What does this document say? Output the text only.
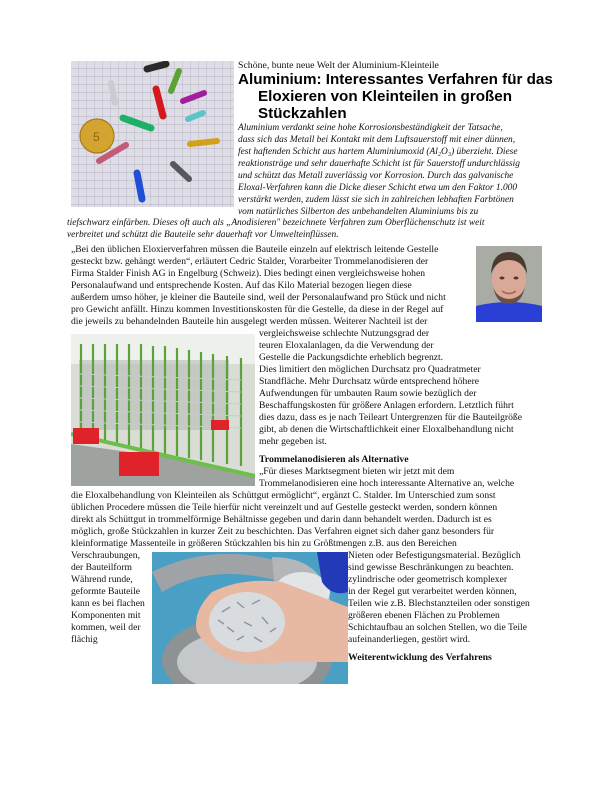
5
Schöne, bunte neue Welt der Aluminium-Kleinteile
Aluminium: Interessantes Verfahren für das
Eloxieren von Kleinteilen in großen
Stückzahlen
Aluminium verdankt seine hohe Korrosionsbeständigkeit der Tatsache,
dass sich das Metall bei Kontakt mit dem Luftsauerstoff mit einer dünnen,
fest haftenden Schicht aus hartem Aluminiumoxid (Al₂O₃) überzieht. Diese
reaktionsträge und sehr dauerhafte Schicht ist für Sauerstoff undurchlässig
und schützt das Metall zuverlässig vor Korrosion. Durch das galvanische
Eloxal-Verfahren kann die Dicke dieser Schicht etwa um den Faktor 1.000
verstärkt werden, zudem lässt sie sich in zahlreichen lebhaften Farbtönen
vom natürliches Silberton des unbehandelten Aluminiums bis zu
tiefschwarz einfärben. Dieses oft auch als „Anodisieren" bezeichnete Verfahren zum Oberflächenschutz ist weit
verbreitet und schützt die Bauteile sehr dauerhaft vor Umwelteinflüssen.
„Bei den üblichen Eloxierverfahren müssen die Bauteile einzeln auf elektrisch leitende Gestelle
gesteckt bzw. gehängt werden“, erläutert Cedric Stalder, Vorarbeiter Trommelanodisieren der
Firma Stalder Finish AG in Engelburg (Schweiz). Dies bedingt einen vergleichsweise hohen
Personalaufwand und entsprechende Kosten. Auf das Kilo Material bezogen liegen diese
außerdem umso höher, je kleiner die Bauteile sind, weil der Personalaufwand pro Stück und nicht
pro Gewicht anfällt. Hinzu kommen Investitionskosten für die Gestelle, da diese in der Regel auf
die jeweils zu behandelnden Bauteile hin ausgelegt werden müssen. Weiterer Nachteil ist der
vergleichsweise schlechte Nutzungsgrad der
teuren Eloxalanlagen, da die Verwendung der
Gestelle die Packungsdichte erheblich begrenzt.
Dies limitiert den möglichen Durchsatz pro Quadratmeter
Standfläche. Mehr Durchsatz würde entsprechend höhere
Aufwendungen für umbauten Raum sowie bezüglich der
Beschaffungskosten für größere Anlagen erfordern. Letztlich führt
dies dazu, dass es je nach Teileart Untergrenzen für die Bauteilgröße
gibt, ab denen die Wirtschaftlichkeit einer Eloxalbehandlung nicht
mehr gegeben ist.
Trommelanodisieren als Alternative
„Für dieses Marktsegment bieten wir jetzt mit dem
Trommelanodisieren eine hoch interessante Alternative an, welche
die Eloxalbehandlung von Kleinteilen als Schüttgut ermöglicht“, ergänzt C. Stalder. Im Unterschied zum sonst
üblichen Procedere müssen die Teile hierfür nicht vereinzelt und auf Gestelle gesteckt werden, sondern können
direkt als Schüttgut in trommelförmige Behältnisse gegeben und darin dann behandelt werden. Dadurch ist es
möglich, große Stückzahlen in kurzer Zeit zu beschichten. Das Verfahren eignet sich daher ganz besonders für
kleinformatige Massenteile in größeren Stückzahlen bis hin zu Größtmengen z.B. aus den Bereichen
Verschraubungen,
der Bauteilform
Während runde,
geformte Bauteile
kann es bei flachen
Komponenten mit
kommen, weil der
flächig
Nieten oder Befestigungsmaterial. Bezüglich
sind gewisse Beschränkungen zu beachten.
zylindrische oder geometrisch komplexer
in der Regel gut verarbeitet werden können,
Teilen wie z.B. Blechstanzteilen oder sonstigen
größeren ebenen Flächen zu Problemen
Schichtaufbau an solchen Stellen, wo die Teile
aufeinanderliegen, gestört wird.
Weiterentwicklung des Verfahrens
